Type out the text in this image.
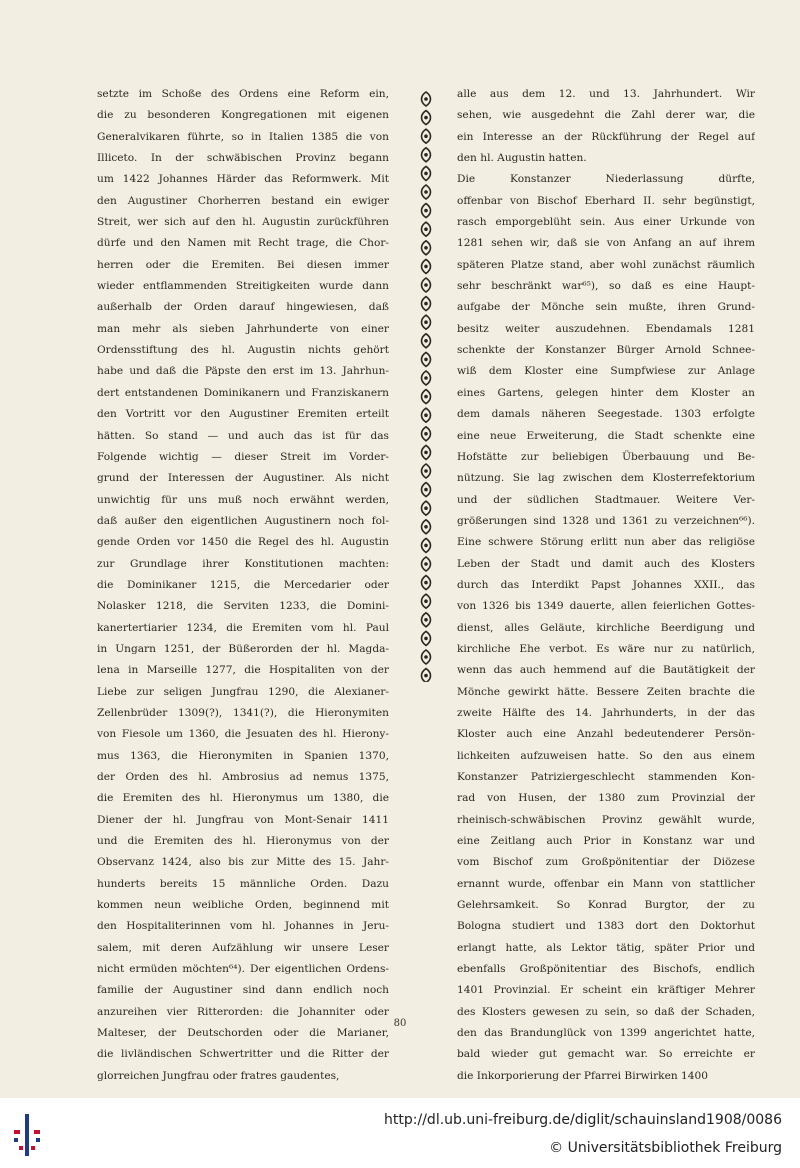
setzte im Schoße des Ordens eine Reform ein,
die zu besonderen Kongregationen mit eigenen
Generalvikaren führte, so in Italien 1385 die von
Illiceto. In der schwäbischen Provinz begann
um 1422 Johannes Härder das Reformwerk. Mit
den Augustiner Chorherren bestand ein ewiger
Streit, wer sich auf den hl. Augustin zurückführen
dürfe und den Namen mit Recht trage, die Chor-
herren oder die Eremiten. Bei diesen immer
wieder entflammenden Streitigkeiten wurde dann
außerhalb der Orden darauf hingewiesen, daß
man mehr als sieben Jahrhunderte von einer
Ordensstiftung des hl. Augustin nichts gehört
habe und daß die Päpste den erst im 13. Jahrhun-
dert entstandenen Dominikanern und Franziskanern
den Vortritt vor den Augustiner Eremiten erteilt
hätten. So stand — und auch das ist für das
Folgende wichtig — dieser Streit im Vorder-
grund der Interessen der Augustiner. Als nicht
unwichtig für uns muß noch erwähnt werden,
daß außer den eigentlichen Augustinern noch fol-
gende Orden vor 1450 die Regel des hl. Augustin
zur Grundlage ihrer Konstitutionen machten:
die Dominikaner 1215, die Mercedarier oder
Nolasker 1218, die Serviten 1233, die Domini-
kanertertiarier 1234, die Eremiten vom hl. Paul
in Ungarn 1251, der Büßerorden der hl. Magda-
lena in Marseille 1277, die Hospitaliten von der
Liebe zur seligen Jungfrau 1290, die Alexianer-
Zellenbrüder 1309(?), 1341(?), die Hieronymiten
von Fiesole um 1360, die Jesuaten des hl. Hierony-
mus 1363, die Hieronymiten in Spanien 1370,
der Orden des hl. Ambrosius ad nemus 1375,
die Eremiten des hl. Hieronymus um 1380, die
Diener der hl. Jungfrau von Mont-Senair 1411
und die Eremiten des hl. Hieronymus von der
Observanz 1424, also bis zur Mitte des 15. Jahr-
hunderts bereits 15 männliche Orden. Dazu
kommen neun weibliche Orden, beginnend mit
den Hospitaliterinnen vom hl. Johannes in Jeru-
salem, mit deren Aufzählung wir unsere Leser
nicht ermüden möchten⁶⁴). Der eigentlichen Ordens-
familie der Augustiner sind dann endlich noch
anzureihen vier Ritterorden: die Johanniter oder
Malteser, der Deutschorden oder die Marianer,
die livländischen Schwertritter und die Ritter der
glorreichen Jungfrau oder fratres gaudentes,
alle aus dem 12. und 13. Jahrhundert. Wir
sehen, wie ausgedehnt die Zahl derer war, die
ein Interesse an der Rückführung der Regel auf
den hl. Augustin hatten.
Die Konstanzer Niederlassung dürfte,
offenbar von Bischof Eberhard II. sehr begünstigt,
rasch emporgeblüht sein. Aus einer Urkunde von
1281 sehen wir, daß sie von Anfang an auf ihrem
späteren Platze stand, aber wohl zunächst räumlich
sehr beschränkt war⁶⁵), so daß es eine Haupt-
aufgabe der Mönche sein mußte, ihren Grund-
besitz weiter auszudehnen. Ebendamals 1281
schenkte der Konstanzer Bürger Arnold Schnee-
wiß dem Kloster eine Sumpfwiese zur Anlage
eines Gartens, gelegen hinter dem Kloster an
dem damals näheren Seegestade. 1303 erfolgte
eine neue Erweiterung, die Stadt schenkte eine
Hofstätte zur beliebigen Überbauung und Be-
nützung. Sie lag zwischen dem Klosterrefektorium
und der südlichen Stadtmauer. Weitere Ver-
größerungen sind 1328 und 1361 zu verzeichnen⁶⁶).
Eine schwere Störung erlitt nun aber das religiöse
Leben der Stadt und damit auch des Klosters
durch das Interdikt Papst Johannes XXII., das
von 1326 bis 1349 dauerte, allen feierlichen Gottes-
dienst, alles Geläute, kirchliche Beerdigung und
kirchliche Ehe verbot. Es wäre nur zu natürlich,
wenn das auch hemmend auf die Bautätigkeit der
Mönche gewirkt hätte. Bessere Zeiten brachte die
zweite Hälfte des 14. Jahrhunderts, in der das
Kloster auch eine Anzahl bedeutenderer Persön-
lichkeiten aufzuweisen hatte. So den aus einem
Konstanzer Patriziergeschlecht stammenden Kon-
rad von Husen, der 1380 zum Provinzial der
rheinisch-schwäbischen Provinz gewählt wurde,
eine Zeitlang auch Prior in Konstanz war und
vom Bischof zum Großpönitentiar der Diözese
ernannt wurde, offenbar ein Mann von stattlicher
Gelehrsamkeit. So Konrad Burgtor, der zu
Bologna studiert und 1383 dort den Doktorhut
erlangt hatte, als Lektor tätig, später Prior und
ebenfalls Großpönitentiar des Bischofs, endlich
1401 Provinzial. Er scheint ein kräftiger Mehrer
des Klosters gewesen zu sein, so daß der Schaden,
den das Brandunglück von 1399 angerichtet hatte,
bald wieder gut gemacht war. So erreichte er
die Inkorporierung der Pfarrei Birwirken 1400
80
http://dl.ub.uni-freiburg.de/diglit/schauinsland1908/0086
© Universitätsbibliothek Freiburg
